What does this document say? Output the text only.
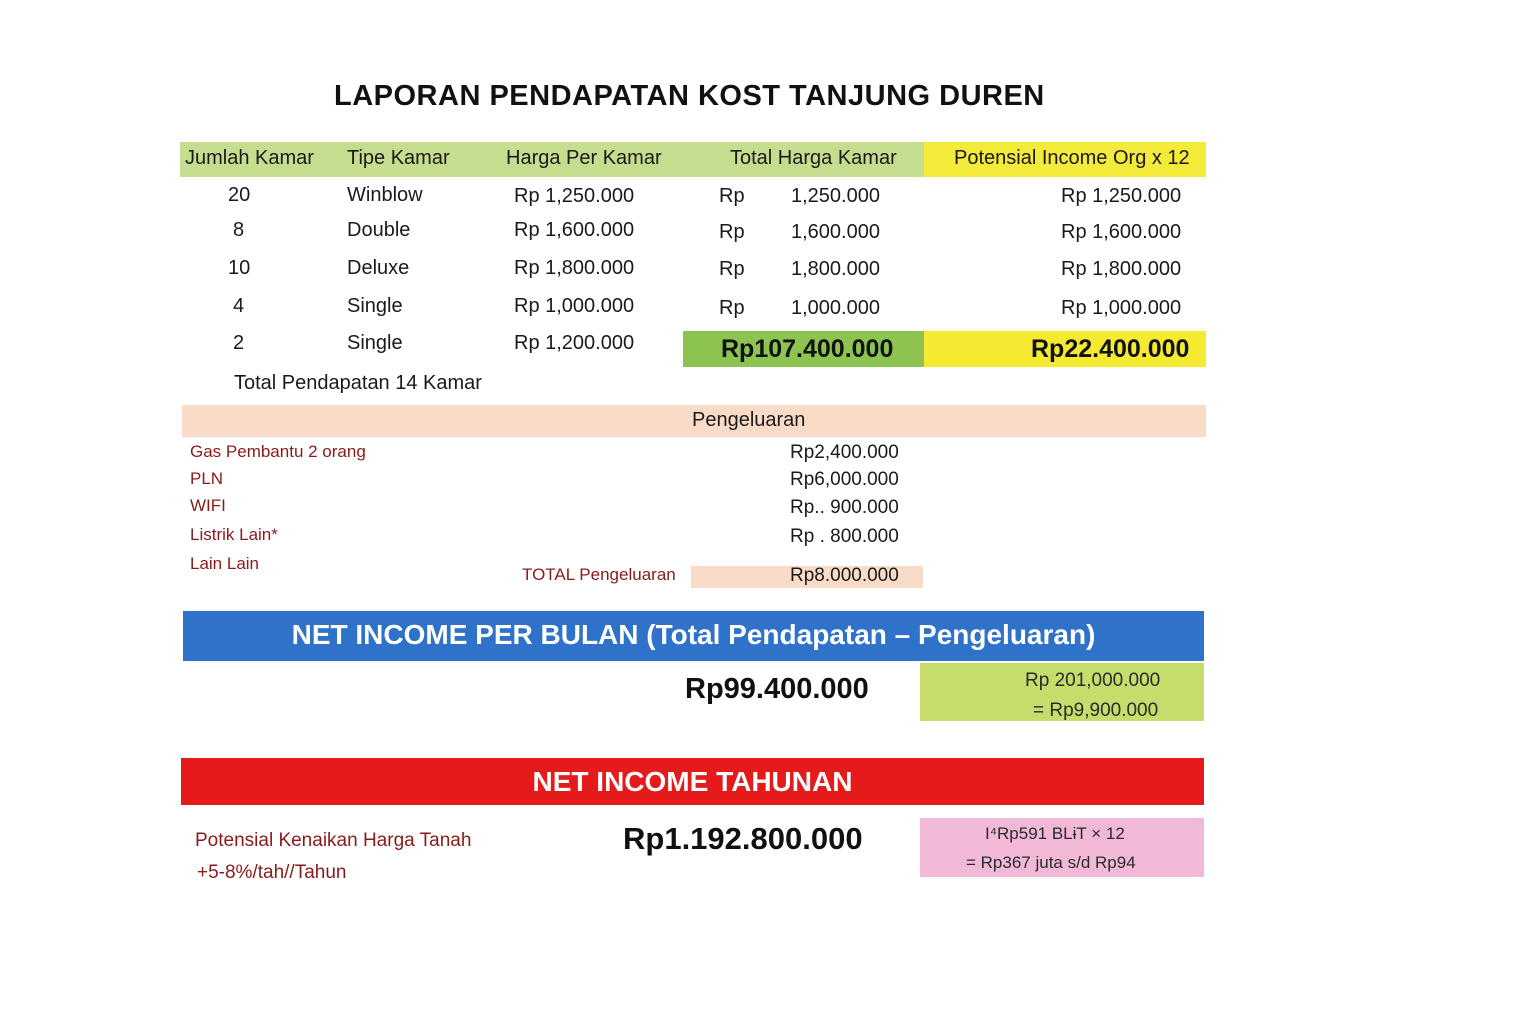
LAPORAN PENDAPATAN KOST TANJUNG DUREN
Jumlah Kamar Tipe Kamar	Harga Per Kamar	Total Harga Kamar	Potensial Income Org x 12
20	Winblow	Rp 1,250.000	Rp 1,250.000	Rp 1,250.000
8	Double	Rp 1,600.000	Rp 1,600.000	Rp 1,600.000
10	Deluxe	Rp 1,800.000	Rp 1,800.000	Rp 1,800.000
4	Single	Rp 1,000.000	Rp 1,000.000	Rp 1,000.000
2	Single	Rp 1,200.000	Rp107.400.000	Rp22.400.000
Total Pendapatan 14 Kamar
Pengeluaran
Gas Pembantu 2 orang	Rp2,400.000
PLN	Rp6,000.000
WIFI	Rp.. 900.000
Listrik Lain*	Rp . 800.000
Lain Lain
TOTAL Pengeluaran	Rp8.000.000
NET INCOME PER BULAN (Total Pendapatan – Pengeluaran)
Rp99.400.000	Rp 201,000.000
= Rp9,900.000
NET INCOME TAHUNAN
Rp1.192.800.000
Potensial Kenaikan Harga Tanah
+5-8%/tah//Tahun
I⁴Rp591 BLɨT × 12
= Rp367 juta s/d Rp94
